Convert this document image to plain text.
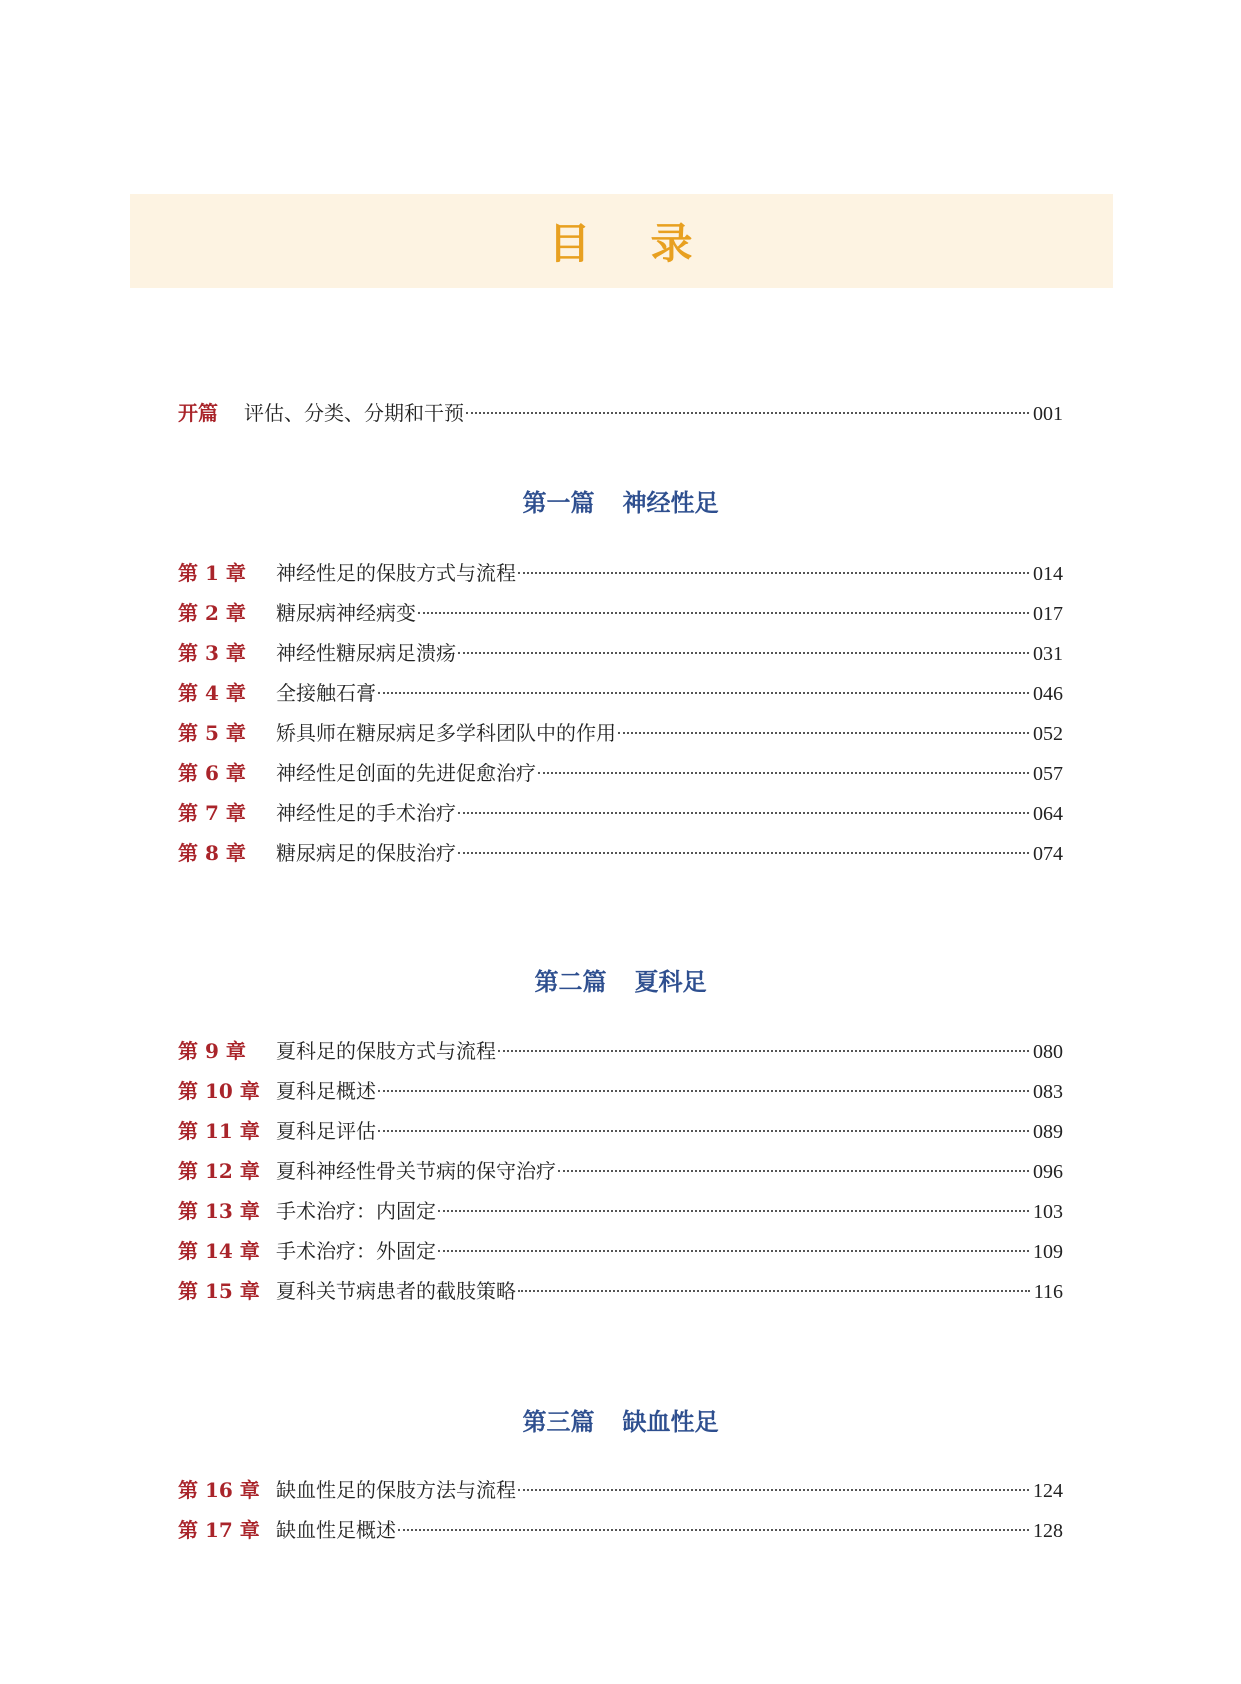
目 录
开篇	评估、分类、分期和干预	001
第一篇 神经性足
第 1 章	神经性足的保肢方式与流程	014
第 2 章	糖尿病神经病变	017
第 3 章	神经性糖尿病足溃疡	031
第 4 章	全接触石膏	046
第 5 章	矫具师在糖尿病足多学科团队中的作用	052
第 6 章	神经性足创面的先进促愈治疗	057
第 7 章	神经性足的手术治疗	064
第 8 章	糖尿病足的保肢治疗	074
第二篇 夏科足
第 9 章	夏科足的保肢方式与流程	080
第 10 章 夏科足概述	083
第 11 章 夏科足评估	089
第 12 章 夏科神经性骨关节病的保守治疗	096
第 13 章 手术治疗：内固定	103
第 14 章 手术治疗：外固定	109
第 15 章 夏科关节病患者的截肢策略	116
第三篇 缺血性足
第 16 章 缺血性足的保肢方法与流程	124
第 17 章 缺血性足概述	128
